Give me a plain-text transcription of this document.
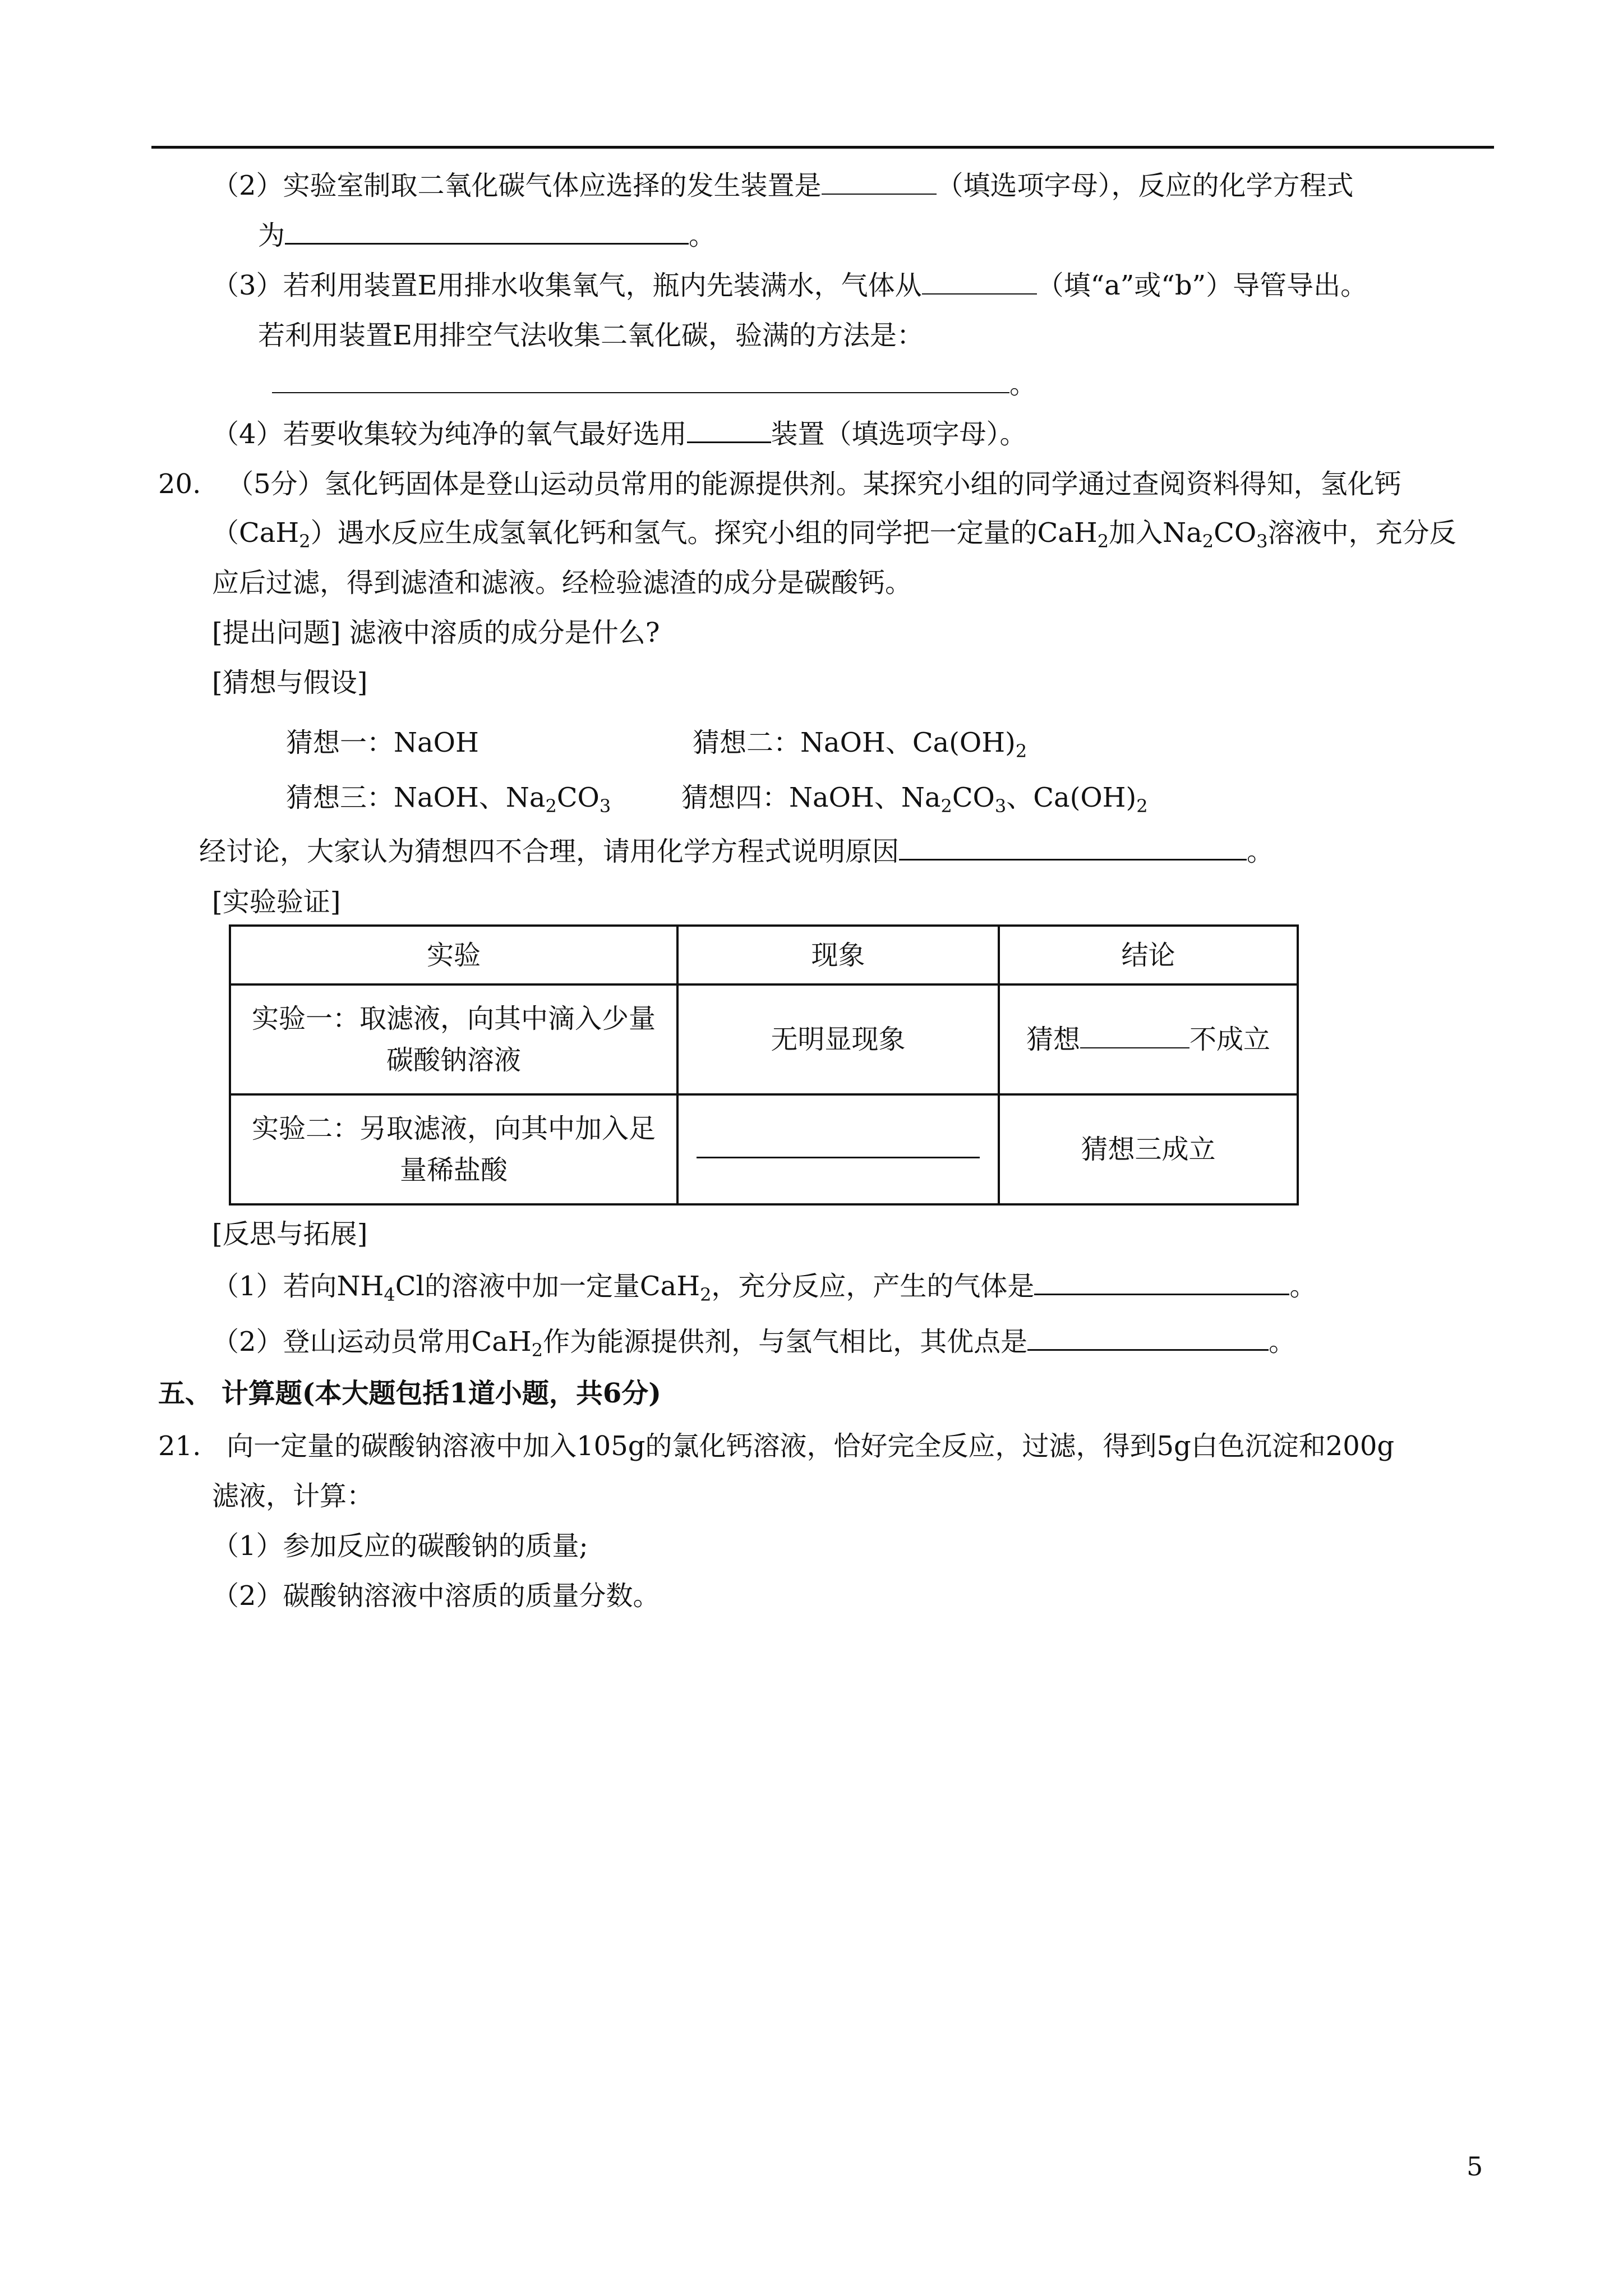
（2）实验室制取二氧化碳气体应选择的发生装置是	（填选项字母），反应的化学方程式
为	。
（3）若利用装置E用排水收集氧气，瓶内先装满水，气体从	（填“a”或“b”）导管导出。
若利用装置E用排空气法收集二氧化碳，验满的方法是：
。
（4）若要收集较为纯净的氧气最好选用	装置（填选项字母）。
20. （5分）氢化钙固体是登山运动员常用的能源提供剂。某探究小组的同学通过查阅资料得知，氢化钙
（CaH$_2$）遇水反应生成氢氧化钙和氢气。探究小组的同学把一定量的CaH$_2$加入$Na_2CO_3$溶液中，充分反
应后过滤，得到滤渣和滤液。经检验滤渣的成分是碳酸钙。
[提出问题] 滤液中溶质的成分是什么?
[猜想与假设]
猜想一：NaOH	猜想二：NaOH、$Ca(OH)_2$
猜想三：NaOH、$Na_2CO_3$	猜想四：NaOH、$Na_2CO_3$、$Ca(OH)_2$
经讨论，大家认为猜想四不合理，请用化学方程式说明原因	。
[实验验证]
实验	现象	结论

实验一：取滤液，向其中滴入少量
碳酸钠溶液	无明显现象	猜想 不成立

实验二：另取滤液，向其中加入足
量稀盐酸		猜想三成立
[反思与拓展]
（1）若向$NH_4Cl$的溶液中加一定量CaH$_2$，充分反应，产生的气体是	。
（2）登山运动员常用CaH$_2$作为能源提供剂，与氢气相比，其优点是	。
五、 计算题(本大题包括1道小题，共6分)
21. 向一定量的碳酸钠溶液中加入105g的氯化钙溶液，恰好完全反应，过滤，得到5g白色沉淀和200g
滤液，计算：
（1）参加反应的碳酸钠的质量;
（2）碳酸钠溶液中溶质的质量分数。
5
